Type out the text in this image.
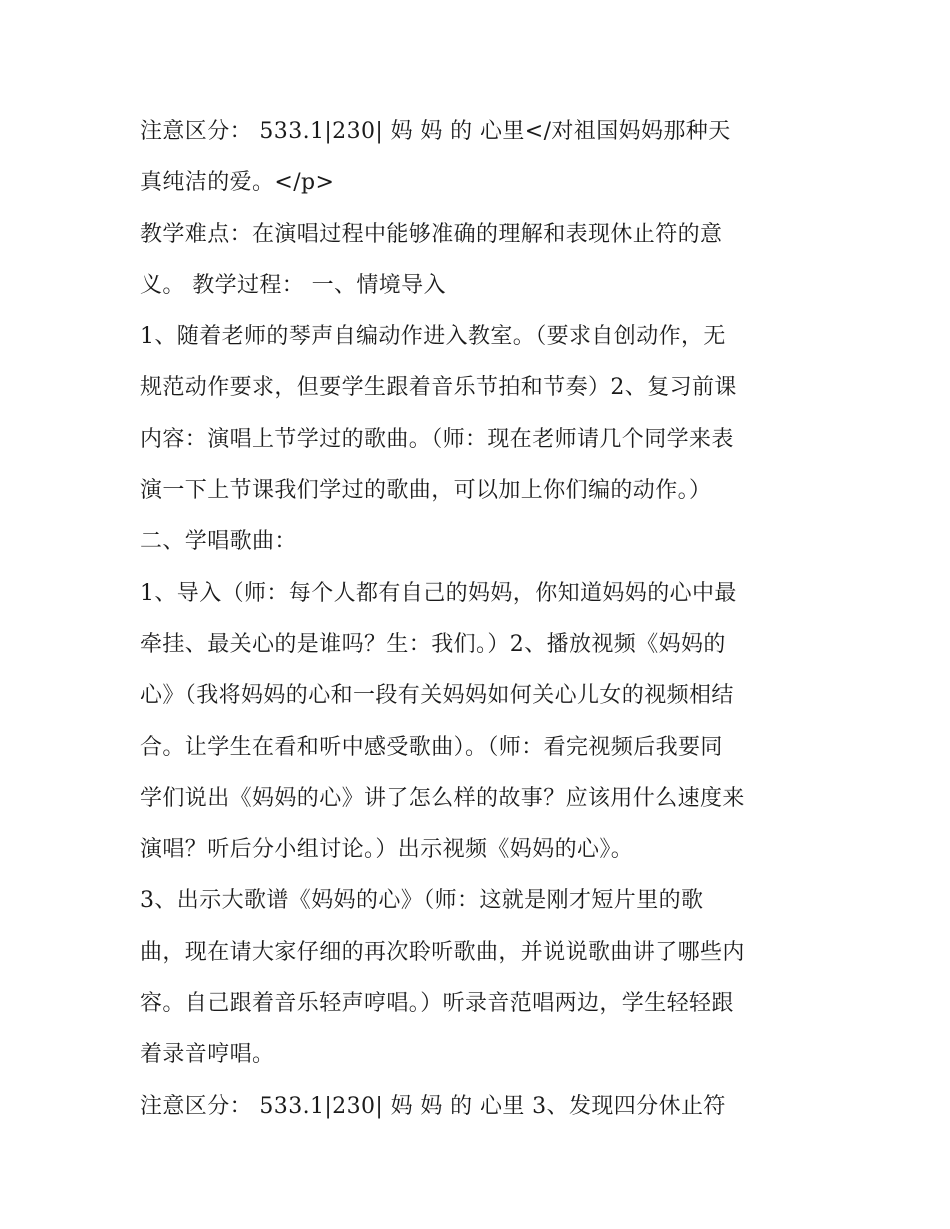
注意区分： 533.1|230| 妈 妈 的 心里</对祖国妈妈那种天
真纯洁的爱。</p>
教学难点：在演唱过程中能够准确的理解和表现休止符的意
义。 教学过程： 一、情境导入
1、随着老师的琴声自编动作进入教室。（要求自创动作，无
规范动作要求，但要学生跟着音乐节拍和节奏）2、复习前课
内容：演唱上节学过的歌曲。（师：现在老师请几个同学来表
演一下上节课我们学过的歌曲，可以加上你们编的动作。）
二、学唱歌曲：
1、导入（师：每个人都有自己的妈妈，你知道妈妈的心中最
牵挂、最关心的是谁吗？生：我们。）2、播放视频《妈妈的
心》（我将妈妈的心和一段有关妈妈如何关心儿女的视频相结
合。让学生在看和听中感受歌曲）。（师：看完视频后我要同
学们说出《妈妈的心》讲了怎么样的故事？应该用什么速度来
演唱？听后分小组讨论。）出示视频《妈妈的心》。
3、出示大歌谱《妈妈的心》（师：这就是刚才短片里的歌
曲，现在请大家仔细的再次聆听歌曲，并说说歌曲讲了哪些内
容。自己跟着音乐轻声哼唱。）听录音范唱两边，学生轻轻跟
着录音哼唱。
注意区分： 533.1|230| 妈 妈 的 心里 3、发现四分休止符
